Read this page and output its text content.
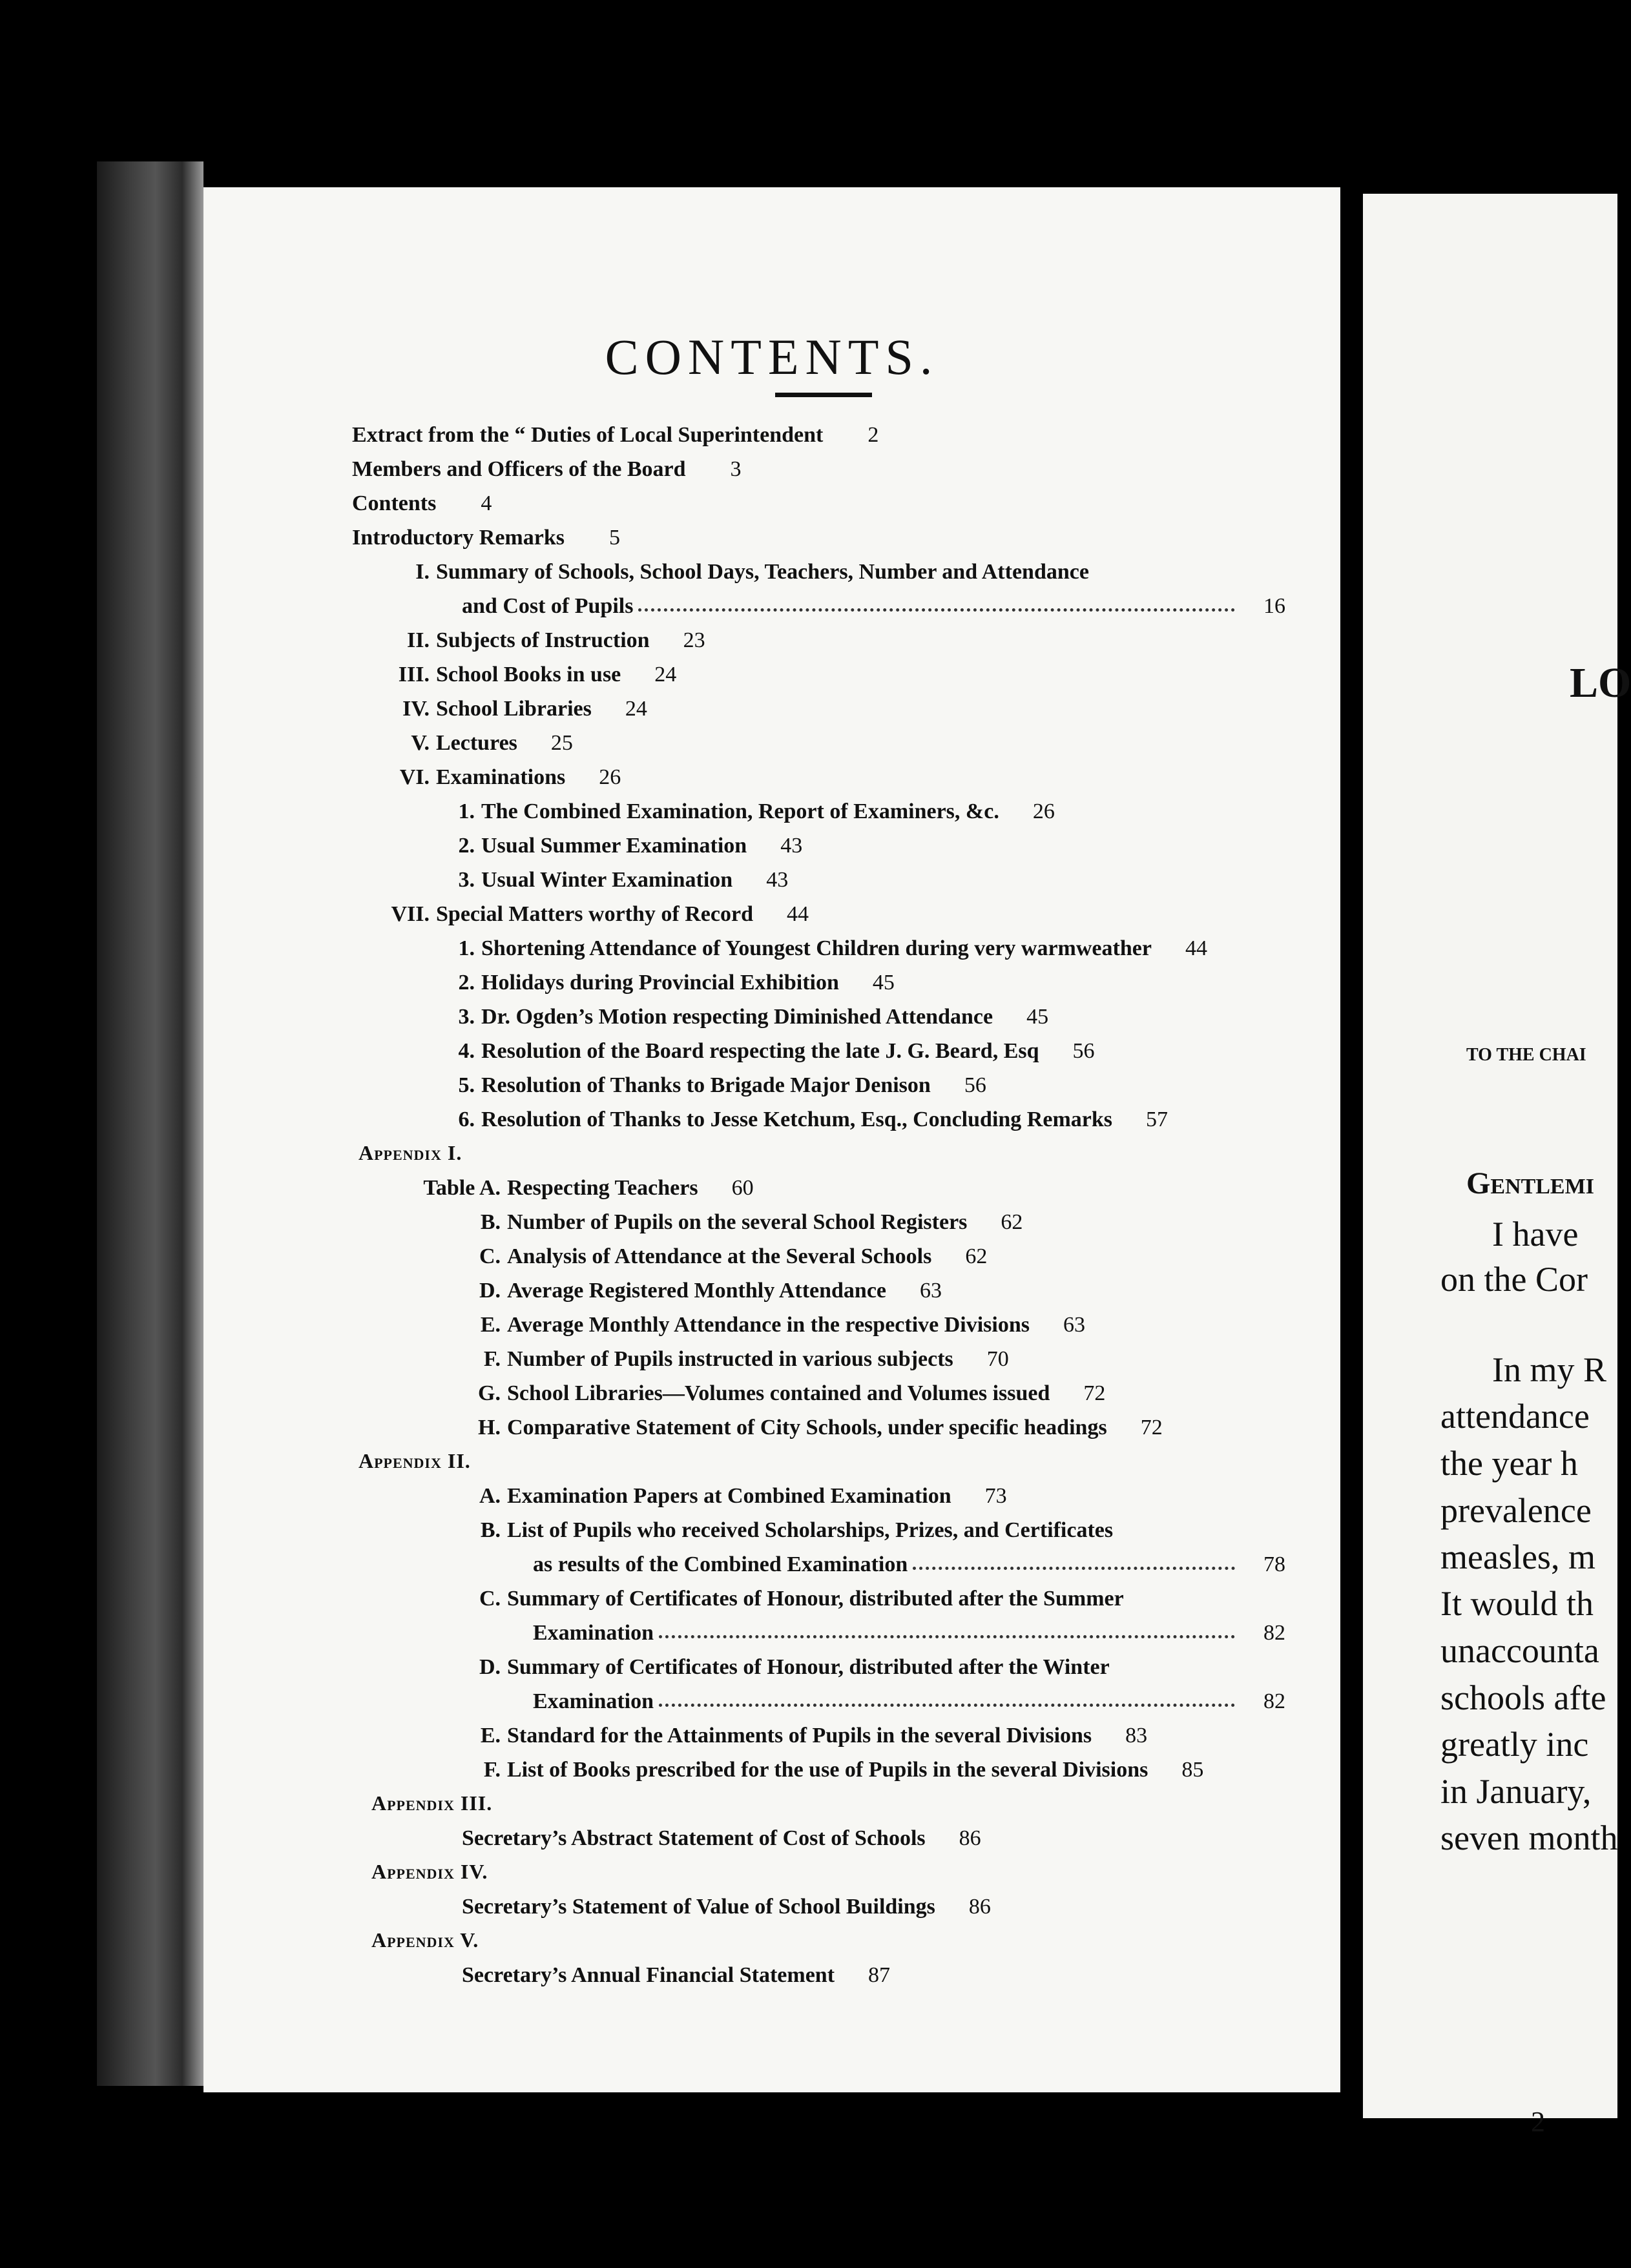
CONTENTS.
Extract from the “ Duties of Local Superintendent	2
Members and Officers of the Board	3
Contents	4
Introductory Remarks	5
I. Summary of Schools, School Days, Teachers, Number and Attendance
and Cost of Pupils	16
II. Subjects of Instruction	23
III. School Books in use	24
IV. School Libraries	24
V. Lectures	25
VI. Examinations	26
1. The Combined Examination, Report of Examiners, &c.	26
2. Usual Summer Examination	43
3. Usual Winter Examination	43
VII. Special Matters worthy of Record	44
1. Shortening Attendance of Youngest Children during very warmweather	44
2. Holidays during Provincial Exhibition	45
3. Dr. Ogden’s Motion respecting Diminished Attendance	45
4. Resolution of the Board respecting the late J. G. Beard, Esq	56
5. Resolution of Thanks to Brigade Major Denison	56
6. Resolution of Thanks to Jesse Ketchum, Esq., Concluding Remarks	57
Appendix I.
Table A. Respecting Teachers	60
B. Number of Pupils on the several School Registers	62
C. Analysis of Attendance at the Several Schools	62
D. Average Registered Monthly Attendance	63
E. Average Monthly Attendance in the respective Divisions	63
F. Number of Pupils instructed in various subjects	70
G. School Libraries—Volumes contained and Volumes issued	72
H. Comparative Statement of City Schools, under specific headings	72
Appendix II.
A. Examination Papers at Combined Examination	73
B. List of Pupils who received Scholarships, Prizes, and Certificates
as results of the Combined Examination	78
C. Summary of Certificates of Honour, distributed after the Summer
Examination	82
D. Summary of Certificates of Honour, distributed after the Winter
Examination	82
E. Standard for the Attainments of Pupils in the several Divisions	83
F. List of Books prescribed for the use of Pupils in the several Divisions	85
Appendix III.
Secretary’s Abstract Statement of Cost of Schools	86
Appendix IV.
Secretary’s Statement of Value of School Buildings	86
Appendix V.
Secretary’s Annual Financial Statement	87
LO
TO THE CHAI
Gentlemi
I have
on the Cor
In my R
attendance
the year h
prevalence
measles, m
It would th
unaccounta
schools afte
greatly inc
in January,
seven month
2
